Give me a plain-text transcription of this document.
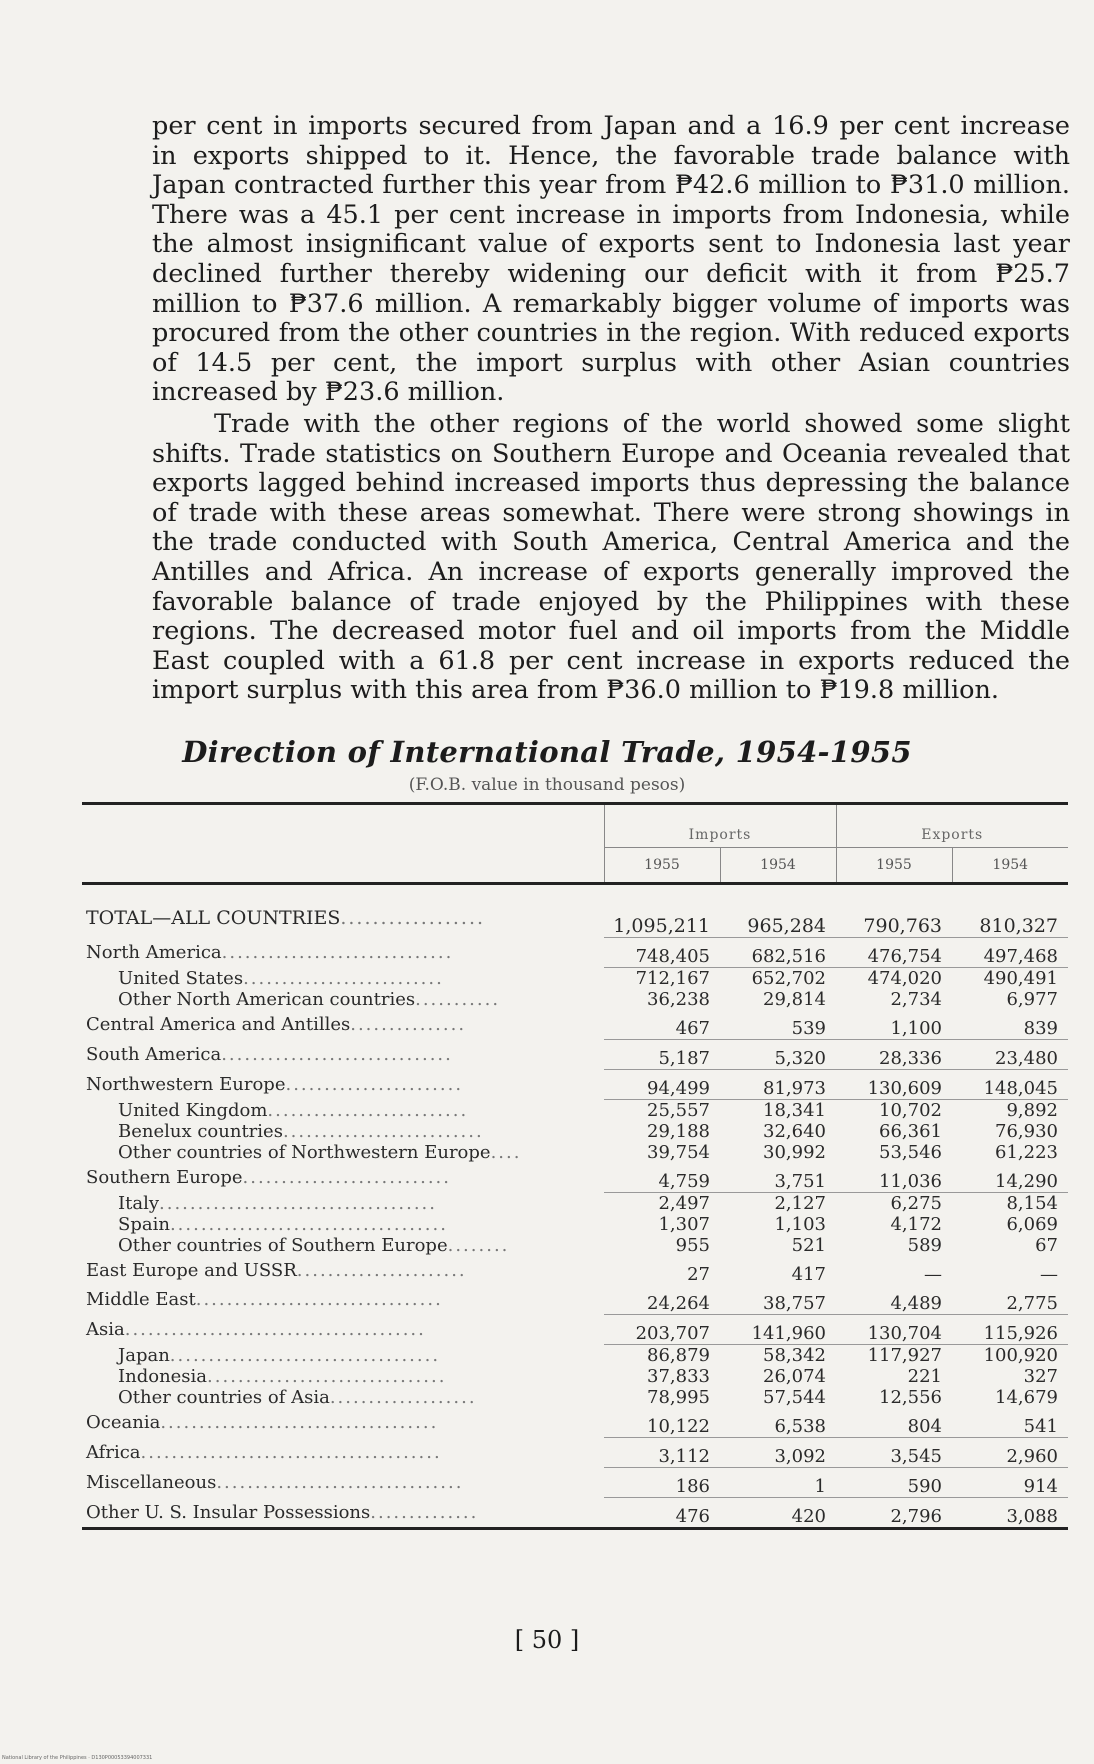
per cent in imports secured from Japan and a 16.9 per cent increase in exports shipped to it. Hence, the favorable trade balance with Japan contracted further this year from ₱42.6 million to ₱31.0 million. There was a 45.1 per cent increase in imports from Indonesia, while the almost insignificant value of exports sent to Indonesia last year declined further thereby widening our deficit with it from ₱25.7 million to ₱37.6 million. A remarkably bigger volume of imports was procured from the other countries in the region. With reduced exports of 14.5 per cent, the import surplus with other Asian countries increased by ₱23.6 million.

Trade with the other regions of the world showed some slight shifts. Trade statistics on Southern Europe and Oceania revealed that exports lagged behind increased imports thus depressing the balance of trade with these areas somewhat. There were strong showings in the trade conducted with South America, Central America and the Antilles and Africa. An increase of exports generally improved the favorable balance of trade enjoyed by the Philippines with these regions. The decreased motor fuel and oil imports from the Middle East coupled with a 61.8 per cent increase in exports reduced the import surplus with this area from ₱36.0 million to ₱19.8 million.

Direction of International Trade, 1954-1955
(F.O.B. value in thousand pesos)
	Imports		Exports	
	1955	1954	1955	1954

TOTAL—ALL COUNTRIES..................	1,095,211	965,284	790,763	810,327
North America..............................	748,405	682,516	476,754	497,468
United States..........................	712,167	652,702	474,020	490,491
Other North American countries...........	36,238	29,814	2,734	6,977
Central America and Antilles...............	467	539	1,100	839
South America..............................	5,187	5,320	28,336	23,480
Northwestern Europe.......................	94,499	81,973	130,609	148,045
United Kingdom..........................	25,557	18,341	10,702	9,892
Benelux countries..........................	29,188	32,640	66,361	76,930
Other countries of Northwestern Europe....	39,754	30,992	53,546	61,223
Southern Europe...........................	4,759	3,751	11,036	14,290
Italy....................................	2,497	2,127	6,275	8,154
Spain....................................	1,307	1,103	4,172	6,069
Other countries of Southern Europe........	955	521	589	67
East Europe and USSR......................	27	417	—	—
Middle East................................	24,264	38,757	4,489	2,775
Asia.......................................	203,707	141,960	130,704	115,926
Japan...................................	86,879	58,342	117,927	100,920
Indonesia...............................	37,833	26,074	221	327
Other countries of Asia...................	78,995	57,544	12,556	14,679
Oceania....................................	10,122	6,538	804	541
Africa.......................................	3,112	3,092	3,545	2,960
Miscellaneous................................	186	1	590	914
Other U. S. Insular Possessions..............	476	420	2,796	3,088
[ 50 ]
National Library of the Philippines · D130P00053394007331
